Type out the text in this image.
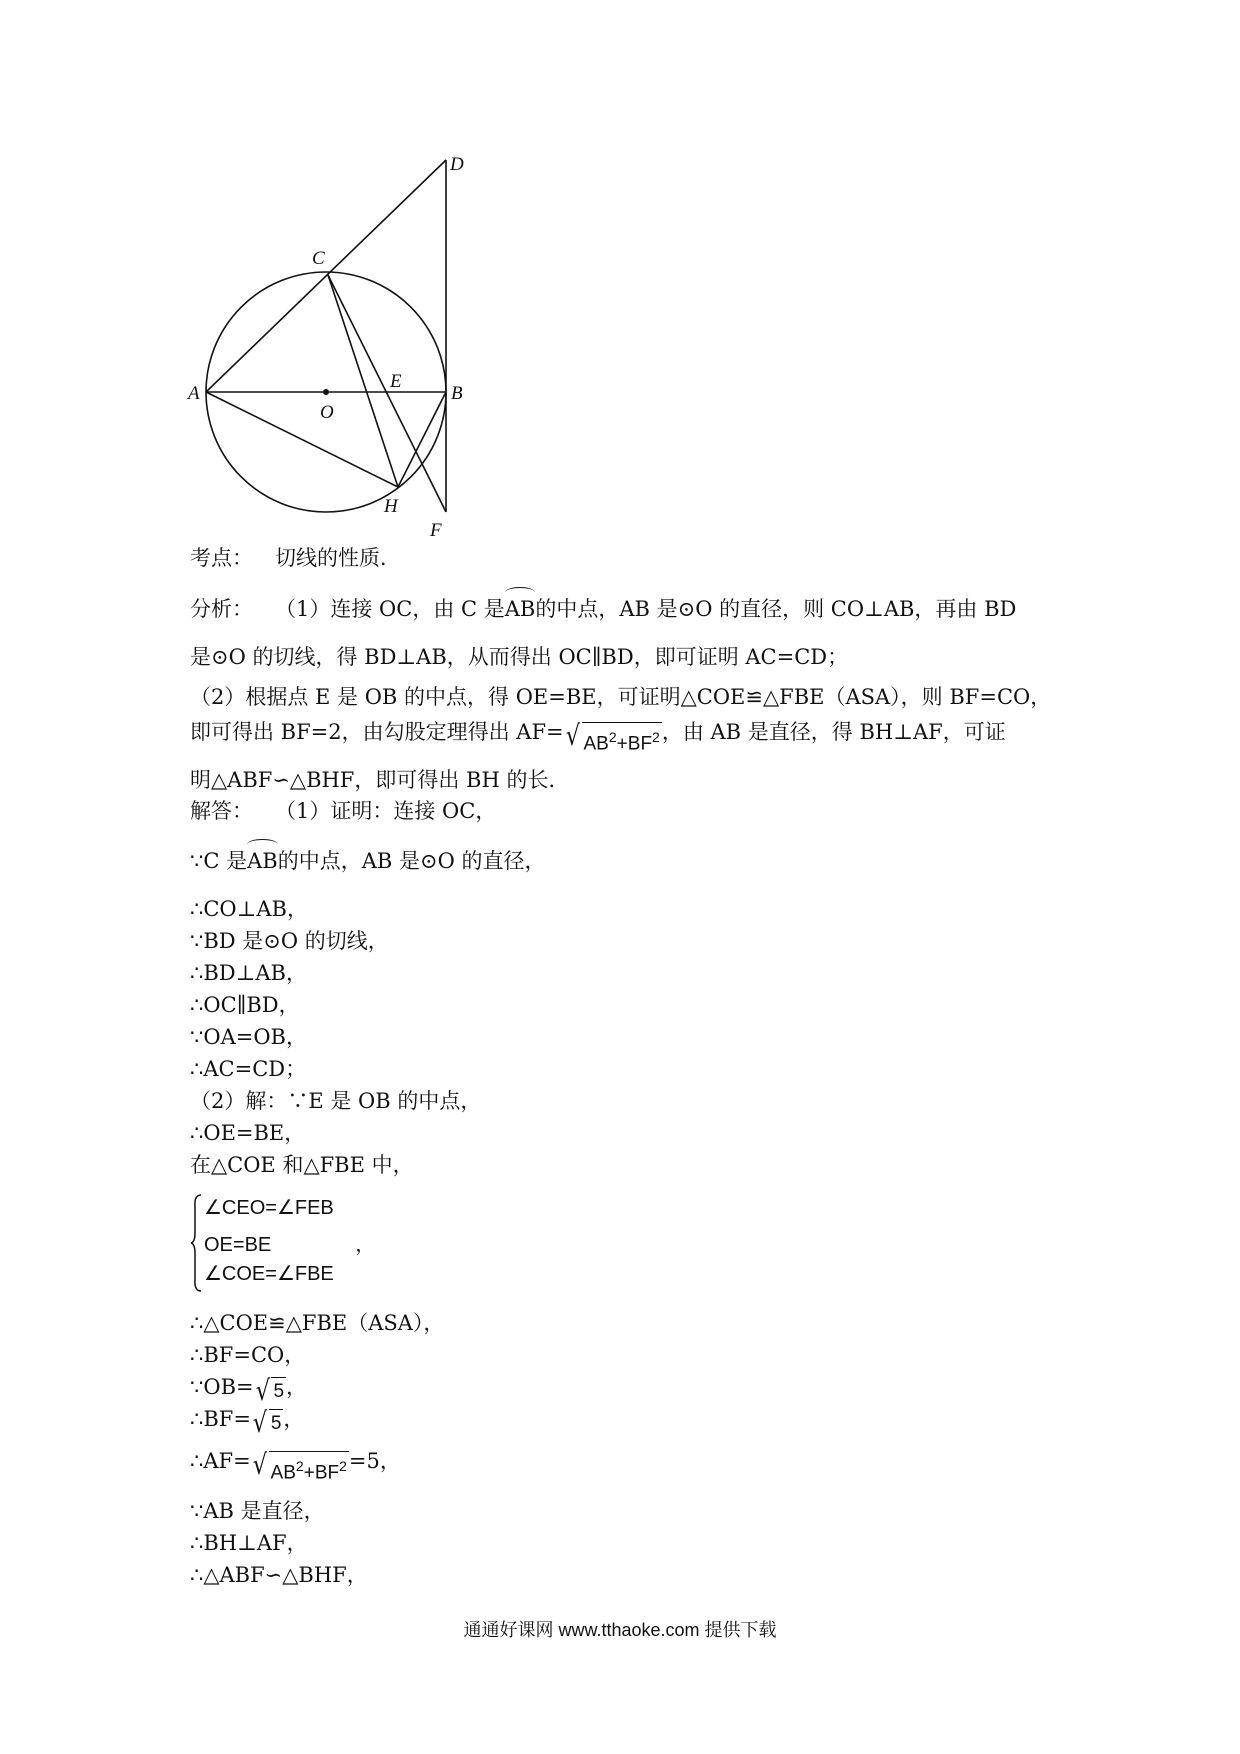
A	B
C
D
E
F
H
O
考点： 切线的性质．
分析： （1）连接 OC，由 C 是AB的中点，AB 是⊙O 的直径，则 CO⊥AB，再由 BD
是⊙O 的切线，得 BD⊥AB，从而得出 OC∥BD，即可证明 AC=CD；
（2）根据点 E 是 OB 的中点，得 OE=BE，可证明△COE≌△FBE（ASA），则 BF=CO，
即可得出 BF=2，由勾股定理得出 AF= √ $AB^2+BF^2$ ，由 AB 是直径，得 BH⊥AF，可证
明△ABF∽△BHF，即可得出 BH 的长．
解答： （1）证明：连接 OC，
∵C 是AB的中点，AB 是⊙O 的直径，
∴CO⊥AB，
∵BD 是⊙O 的切线，
∴BD⊥AB，
∴OC∥BD，
∵OA=OB，
∴AC=CD；
（2）解：∵E 是 OB 的中点，
∴OE=BE，
在△COE 和△FBE 中，
∠CEO=∠FEB
OE=BE	，
∠COE=∠FBE
∴△COE≌△FBE（ASA），
∴BF=CO，
∵OB= √ 5 ，
∴BF= √ 5 ，
∴AF= √ $AB^2+BF^2 =5$，
∵AB 是直径，
∴BH⊥AF，
∴△ABF∽△BHF，
通通好课网 www.tthaoke.com 提供下载
